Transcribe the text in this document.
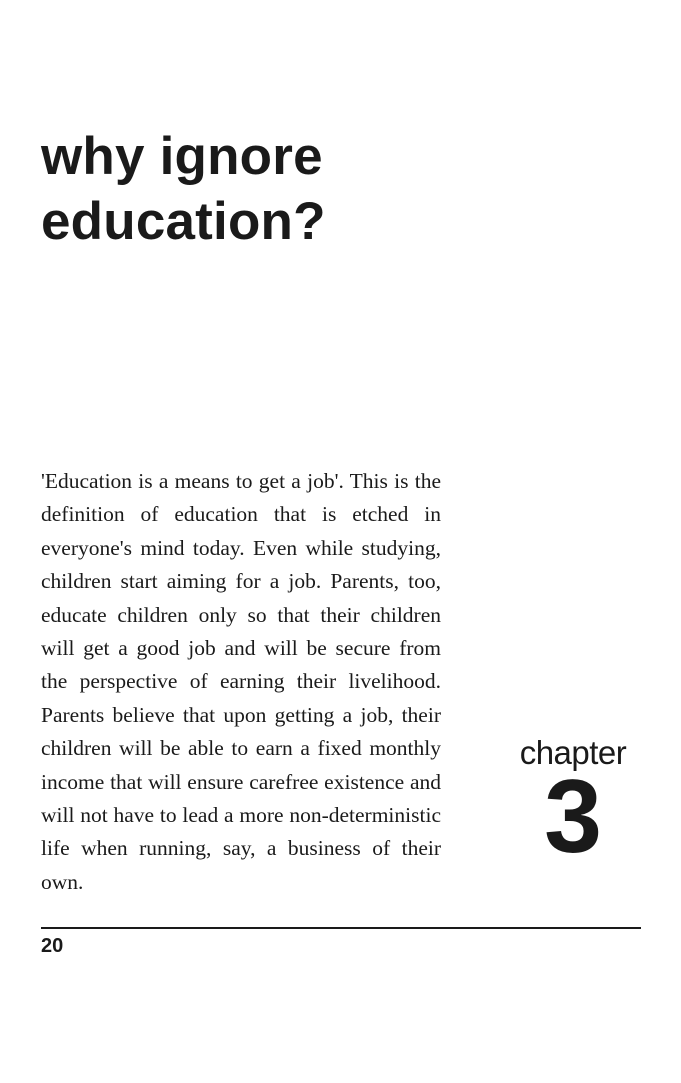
why ignore
education?

'Education is a means to get a job'. This is the definition of education that is etched in everyone's mind today. Even while studying, children start aiming for a job. Parents, too, educate children only so that their children will get a good job and will be secure from the perspective of earning their livelihood. Parents believe that upon getting a job, their children will be able to earn a fixed monthly income that will ensure carefree existence and will not have to lead a more non-deterministic life when running, say, a business of their own.

chapter
3
20
